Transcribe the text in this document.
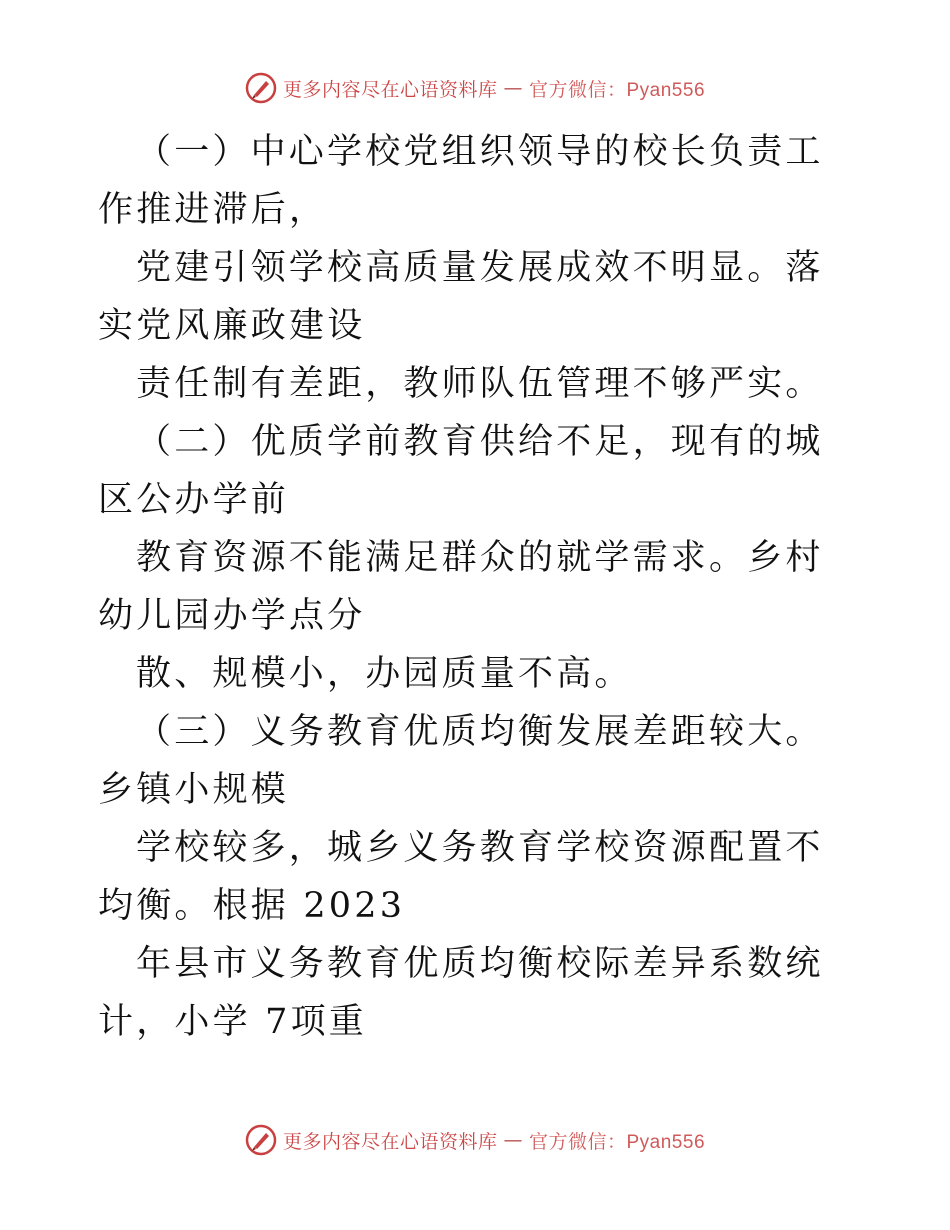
更多内容尽在心语资料库 — 官方微信：Pyan556

（一）中心学校党组织领导的校长负责工作推进滞后，

党建引领学校高质量发展成效不明显。落实党风廉政建设

责任制有差距，教师队伍管理不够严实。

（二）优质学前教育供给不足，现有的城区公办学前

教育资源不能满足群众的就学需求。乡村幼儿园办学点分

散、规模小，办园质量不高。

（三）义务教育优质均衡发展差距较大。乡镇小规模

学校较多，城乡义务教育学校资源配置不均衡。根据 2023

年县市义务教育优质均衡校际差异系数统计，小学 7项重

更多内容尽在心语资料库 — 官方微信：Pyan556
